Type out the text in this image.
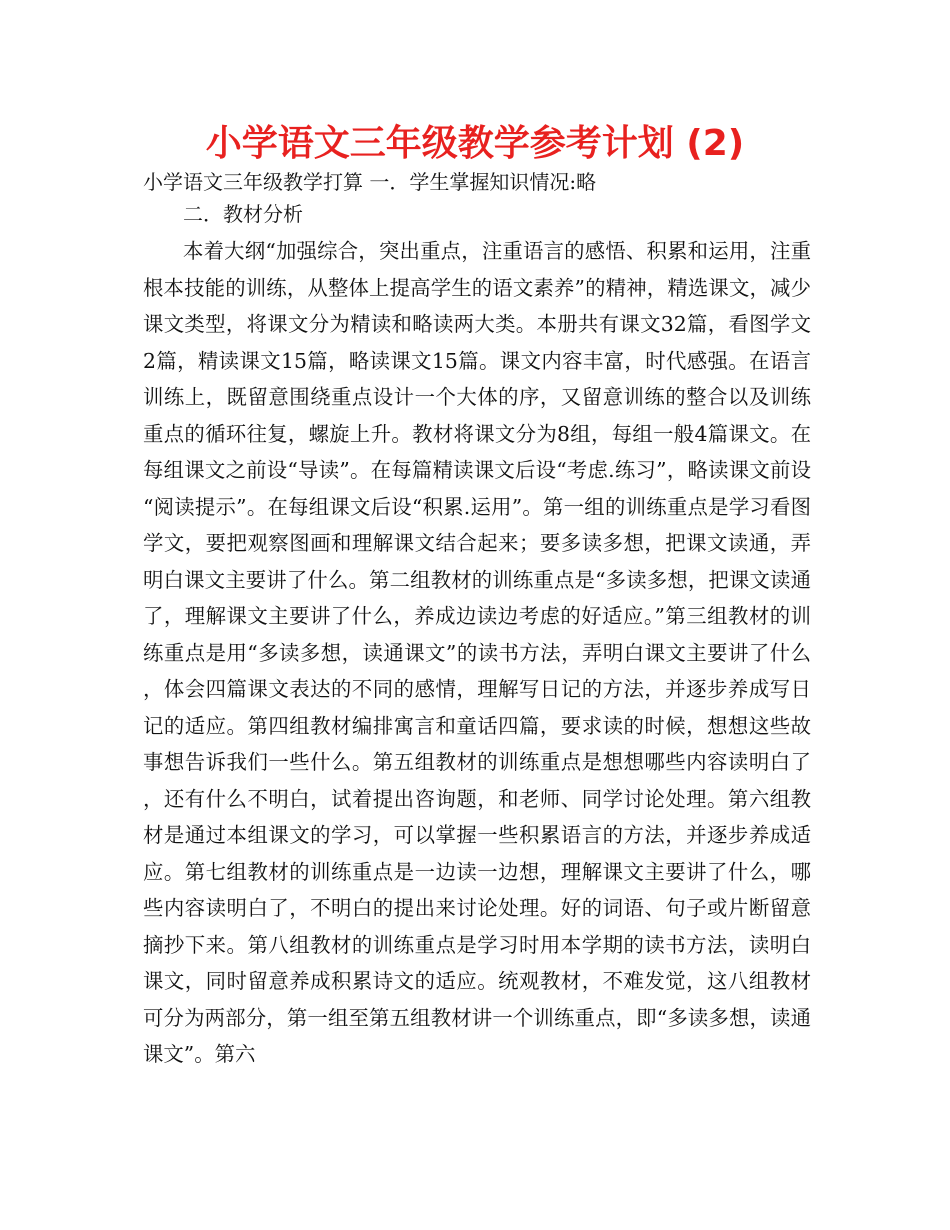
小学语文三年级教学参考计划 (2)
小学语文三年级教学打算 一．学生掌握知识情况:略
二．教材分析

本着大纲“加强综合，突出重点，注重语言的感悟、积累和运用，注重根本技能的训练，从整体上提高学生的语文素养”的精神，精选课文，减少课文类型，将课文分为精读和略读两大类。本册共有课文32篇，看图学文2篇，精读课文15篇，略读课文15篇。课文内容丰富，时代感强。在语言训练上，既留意围绕重点设计一个大体的序，又留意训练的整合以及训练重点的循环往复，螺旋上升。教材将课文分为8组，每组一般4篇课文。在每组课文之前设“导读”。在每篇精读课文后设“考虑.练习”，略读课文前设“阅读提示”。在每组课文后设“积累.运用”。第一组的训练重点是学习看图学文，要把观察图画和理解课文结合起来；要多读多想，把课文读通，弄明白课文主要讲了什么。第二组教材的训练重点是“多读多想，把课文读通了，理解课文主要讲了什么，养成边读边考虑的好适应。”第三组教材的训练重点是用“多读多想，读通课文”的读书方法，弄明白课文主要讲了什么，体会四篇课文表达的不同的感情，理解写日记的方法，并逐步养成写日记的适应。第四组教材编排寓言和童话四篇，要求读的时候，想想这些故事想告诉我们一些什么。第五组教材的训练重点是想想哪些内容读明白了，还有什么不明白，试着提出咨询题，和老师、同学讨论处理。第六组教材是通过本组课文的学习，可以掌握一些积累语言的方法，并逐步养成适应。第七组教材的训练重点是一边读一边想，理解课文主要讲了什么，哪些内容读明白了，不明白的提出来讨论处理。好的词语、句子或片断留意摘抄下来。第八组教材的训练重点是学习时用本学期的读书方法，读明白课文，同时留意养成积累诗文的适应。统观教材，不难发觉，这八组教材可分为两部分，第一组至第五组教材讲一个训练重点，即“多读多想，读通课文”。第六
